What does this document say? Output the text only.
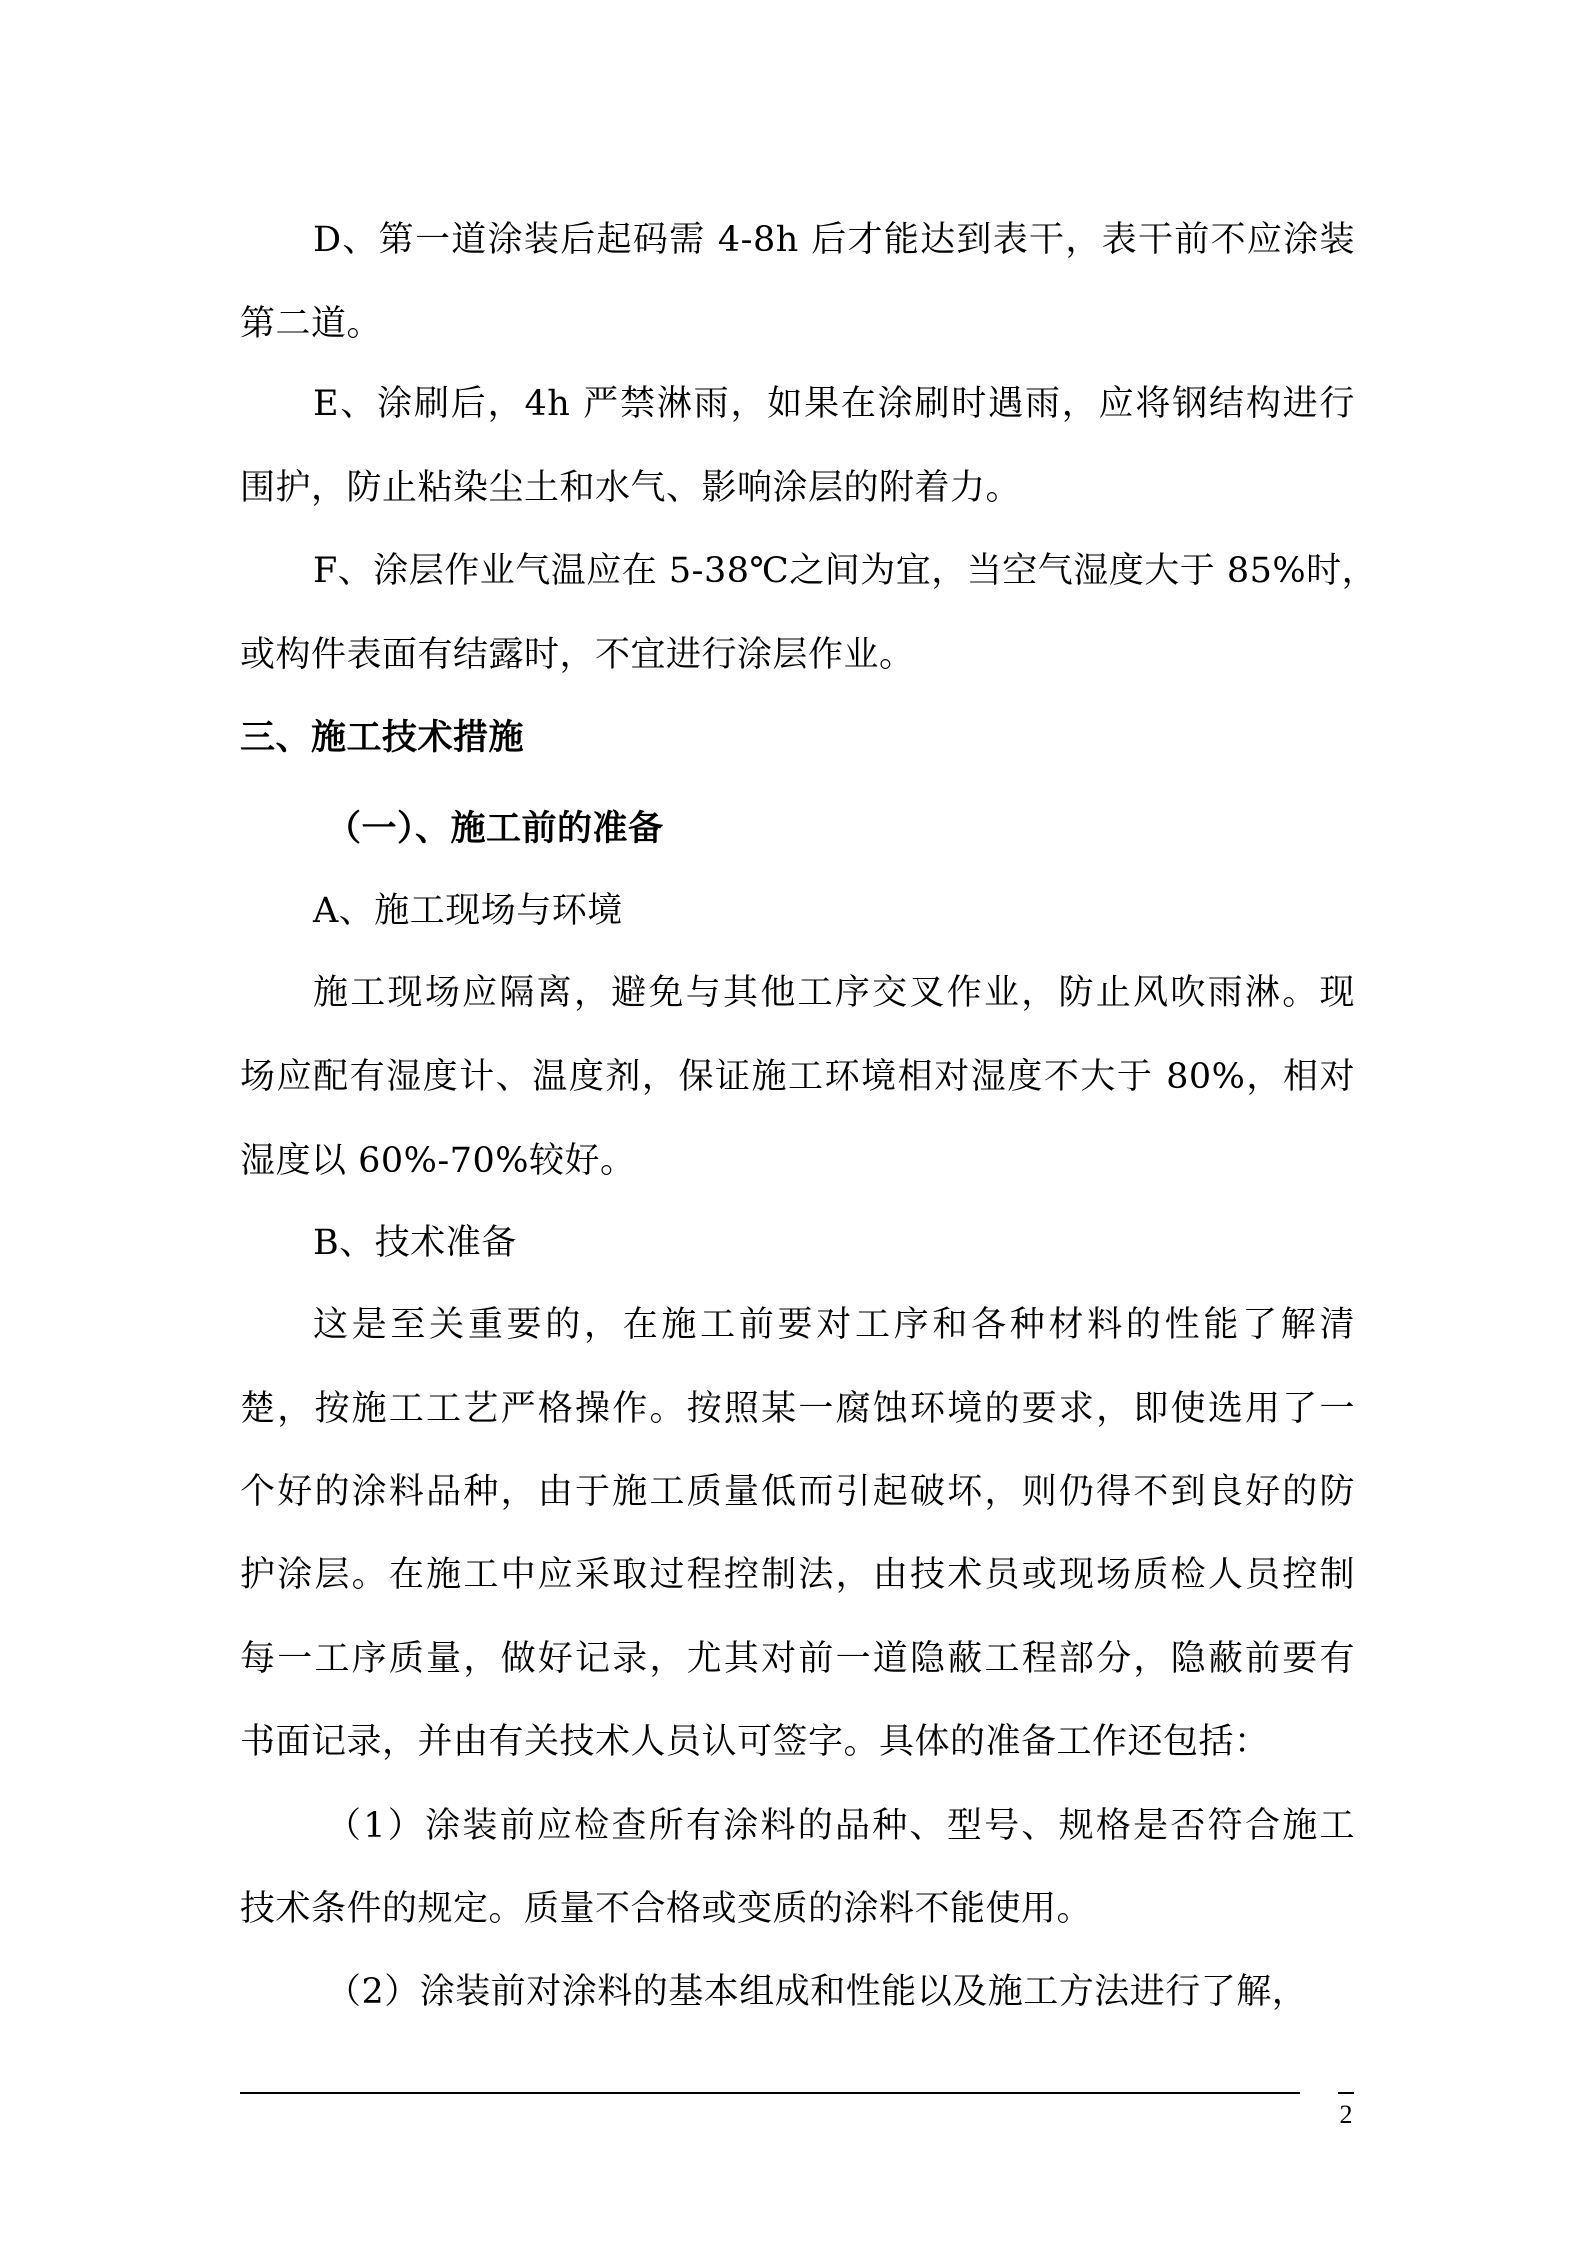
D、第一道涂装后起码需 4-8h 后才能达到表干，表干前不应涂装
第二道。
E、涂刷后，4h 严禁淋雨，如果在涂刷时遇雨，应将钢结构进行
围护，防止粘染尘土和水气、影响涂层的附着力。
F、涂层作业气温应在 5-38℃之间为宜，当空气湿度大于 85%时，
或构件表面有结露时，不宜进行涂层作业。
三、施工技术措施
（一）、施工前的准备
A、施工现场与环境
施工现场应隔离，避免与其他工序交叉作业，防止风吹雨淋。现
场应配有湿度计、温度剂，保证施工环境相对湿度不大于 80%，相对
湿度以 60%-70%较好。
B、技术准备
这是至关重要的，在施工前要对工序和各种材料的性能了解清
楚，按施工工艺严格操作。按照某一腐蚀环境的要求，即使选用了一
个好的涂料品种，由于施工质量低而引起破坏，则仍得不到良好的防
护涂层。在施工中应采取过程控制法，由技术员或现场质检人员控制
每一工序质量，做好记录，尤其对前一道隐蔽工程部分，隐蔽前要有
书面记录，并由有关技术人员认可签字。具体的准备工作还包括：
（1）涂装前应检查所有涂料的品种、型号、规格是否符合施工
技术条件的规定。质量不合格或变质的涂料不能使用。
（2）涂装前对涂料的基本组成和性能以及施工方法进行了解，
2
